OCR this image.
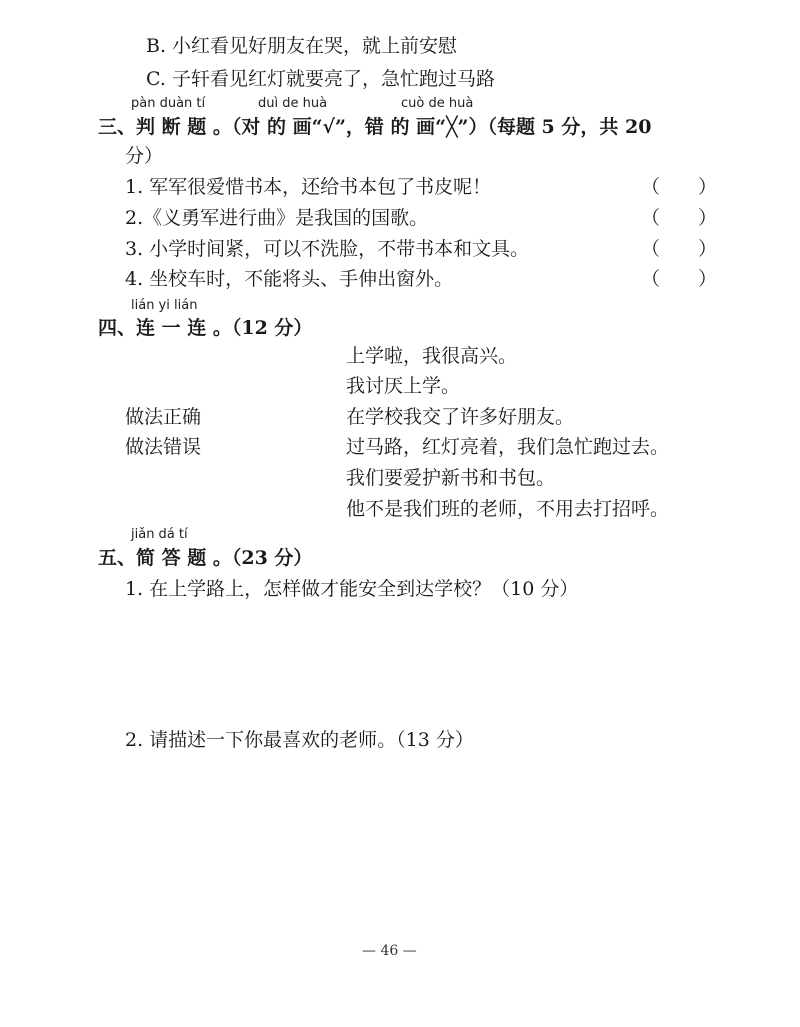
B. 小红看见好朋友在哭，就上前安慰
C. 子轩看见红灯就要亮了，急忙跑过马路
pàn duàn tí	duì de huà	cuò de huà
三、判 断 题 。（对 的 画“√”，错 的 画“╳”）（每题 5 分，共 20
分）
1. 军军很爱惜书本，还给书本包了书皮呢！	（　　）
2.《义勇军进行曲》是我国的国歌。	（　　）
3. 小学时间紧，可以不洗脸，不带书本和文具。	（　　）
4. 坐校车时，不能将头、手伸出窗外。	（　　）
lián yi lián
四、连 一 连 。（12 分）
做法正确
做法错误
上学啦，我很高兴。
我讨厌上学。
在学校我交了许多好朋友。
过马路，红灯亮着，我们急忙跑过去。
我们要爱护新书和书包。
他不是我们班的老师，不用去打招呼。
jiǎn dá tí
五、简 答 题 。（23 分）
1. 在上学路上，怎样做才能安全到达学校？（10 分）
2. 请描述一下你最喜欢的老师。（13 分）
— 46 —
